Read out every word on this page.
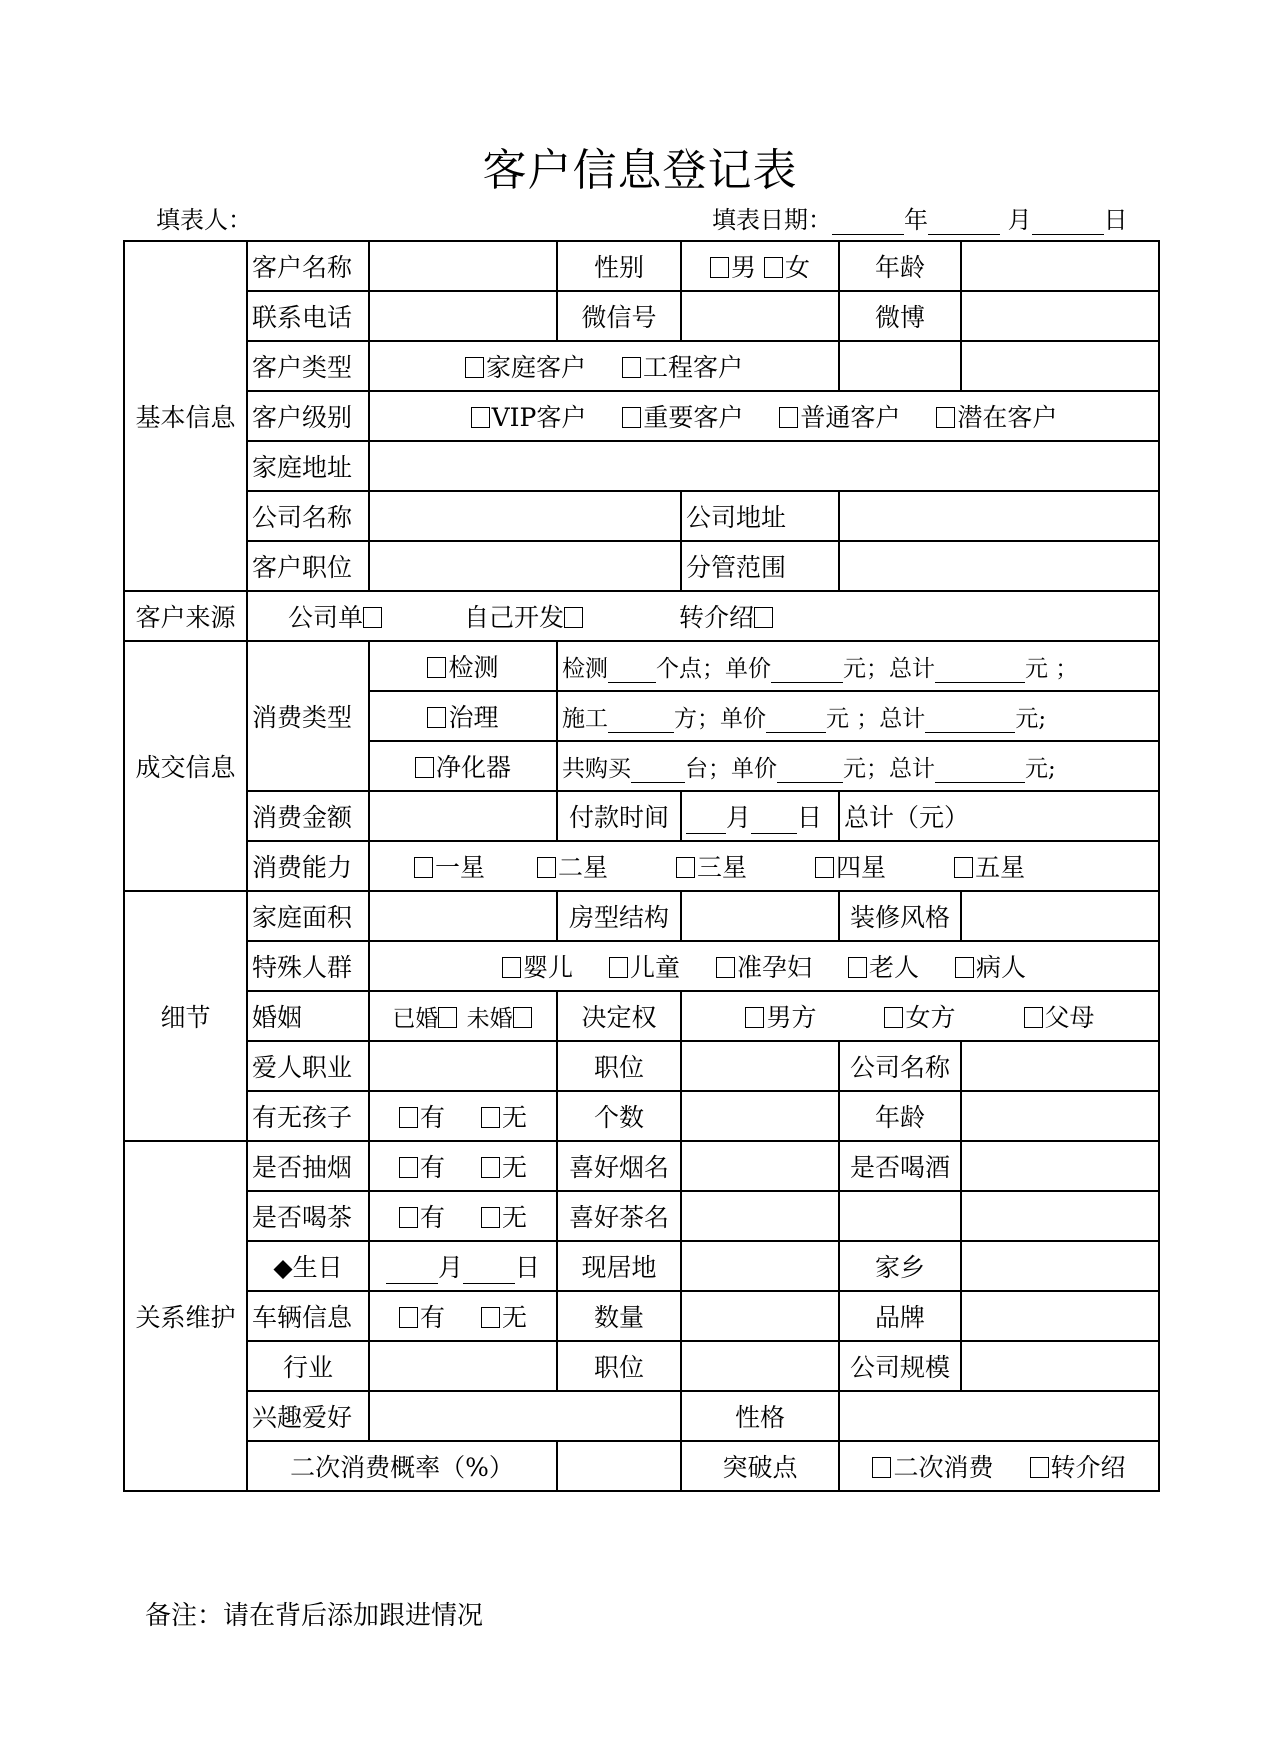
客户信息登记表
填表人：	填表日期：	年	月	日
基本信息	客户名称		性别	男 女	年龄	
	联系电话		微信号		微博	
	客户类型	家庭客户 工程客户				
	客户级别	VIP客户 重要客户 普通客户 潜在客户				
	家庭地址					
	公司名称			公司地址		
	客户职位			分管范围		
客户来源	公司单 自己开发 转介绍					
成交信息	消费类型	检测	检测 个点；单价 元；总计 元 ；			
		治理	施工 方；单价 元 ；总计 元;			
		净化器	共购买 台；单价 元；总计 元;			
	消费金额		付款时间	月 日	总计（元）	
	消费能力	一星 二星 三星 四星 五星				
细节	家庭面积		房型结构		装修风格	
	特殊人群	婴儿 儿童 准孕妇 老人 病人				
	婚姻	已婚 未婚	决定权	男方 女方 父母		
	爱人职业		职位		公司名称	
	有无孩子	有 无	个数		年龄	
关系维护	是否抽烟	有 无	喜好烟名		是否喝酒	
	是否喝茶	有 无	喜好茶名			
	◆生日	月 日	现居地		家乡	
	车辆信息	有 无	数量		品牌	
	行业		职位		公司规模	
	兴趣爱好			性格		
	二次消费概率（%）			突破点	二次消费 转介绍	
备注：请在背后添加跟进情况
